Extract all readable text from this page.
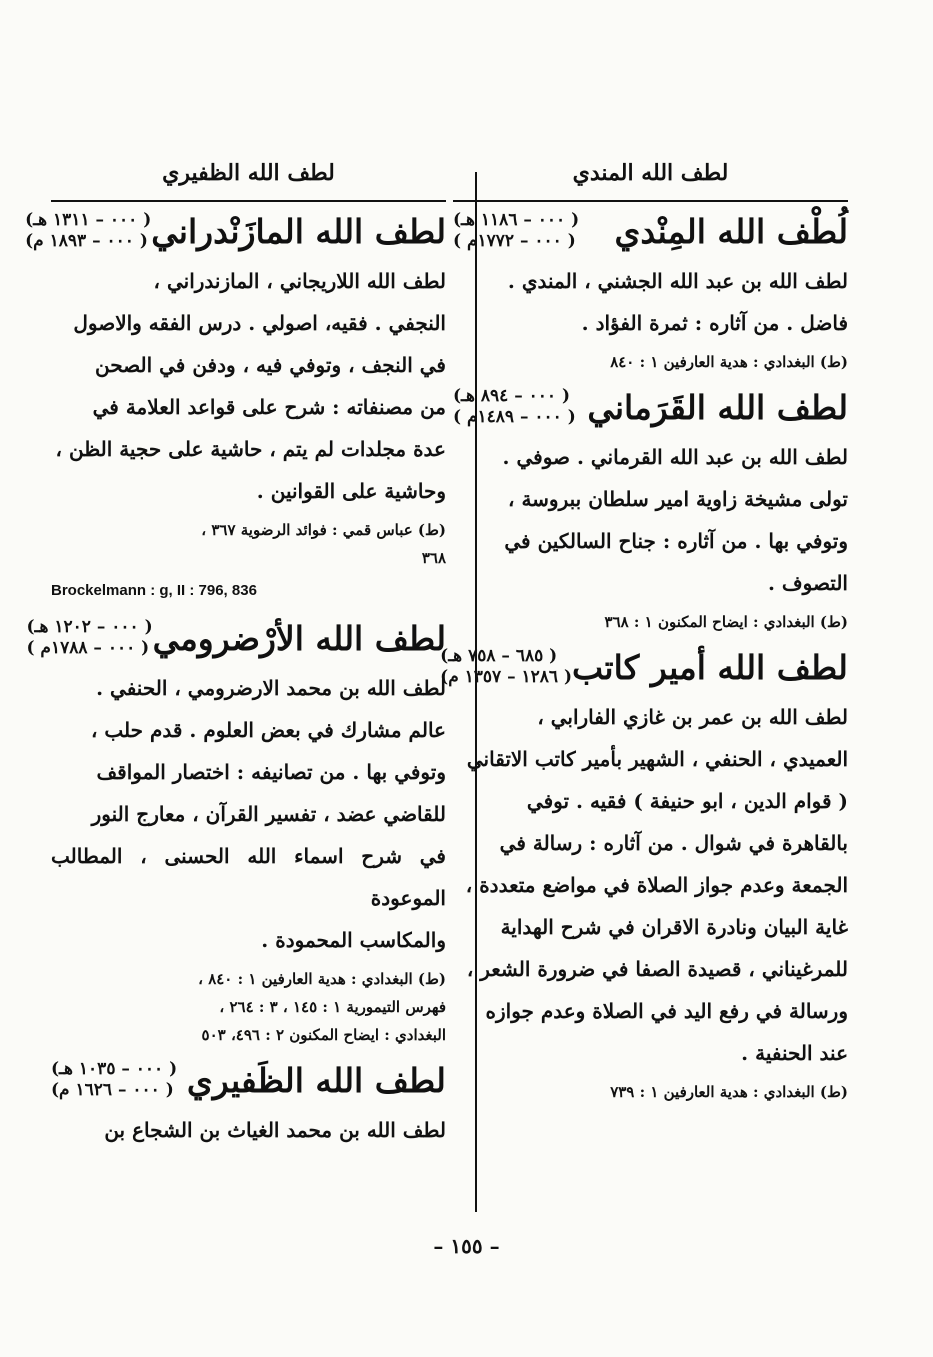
لطف الله المندي
لُطْف الله المِنْدي
( ٠٠٠ – ١١٨٦ هـ)
( ٠٠٠ – ١٧٧٢م )
لطف الله بن عبد الله الجشني ، المندي .
فاضل . من آثاره : ثمرة الفؤاد .
(ط) البغدادي : هدية العارفين ١ : ٨٤٠
لطف الله القَرَماني
( ٠٠٠ – ٨٩٤ هـ)
( ٠٠٠ – ١٤٨٩م )
لطف الله بن عبد الله القرماني . صوفي .
تولى مشيخة زاوية امير سلطان ببروسة ،
وتوفي بها . من آثاره : جناح السالكين في
التصوف .
(ط) البغدادي : ايضاح المكنون ١ : ٣٦٨
لطف الله أمير كاتب
( ٦٨٥ – ٧٥٨ هـ)
( ١٢٨٦ – ١٣٥٧ م)
لطف الله بن عمر بن غازي الفارابي ،
العميدي ، الحنفي ، الشهير بأمير كاتب الاتقاني
( قوام الدين ، ابو حنيفة ) فقيه . توفي
بالقاهرة في شوال . من آثاره : رسالة في
الجمعة وعدم جواز الصلاة في مواضع متعددة ،
غاية البيان ونادرة الاقران في شرح الهداية
للمرغيناني ، قصيدة الصفا في ضرورة الشعر ،
ورسالة في رفع اليد في الصلاة وعدم جوازه
عند الحنفية .
(ط) البغدادي : هدية العارفين ١ : ٧٣٩
لطف الله الظفيري
لطف الله المازَنْدراني
( ٠٠٠ – ١٣١١ هـ)
( ٠٠٠ – ١٨٩٣ م)
لطف الله اللاريجاني ، المازندراني ،
النجفي . فقيه، اصولي . درس الفقه والاصول
في النجف ، وتوفي فيه ، ودفن في الصحن
من مصنفاته : شرح على قواعد العلامة في
عدة مجلدات لم يتم ، حاشية على حجية الظن ،
وحاشية على القوانين .
(ط) عباس قمي : فوائد الرضوية ٣٦٧ ،
٣٦٨
Brockelmann : g, II : 796, 836
لطف الله الأرْضرومي
( ٠٠٠ – ١٢٠٢ هـ)
( ٠٠٠ – ١٧٨٨م )
لطف الله بن محمد الارضرومي ، الحنفي .
عالم مشارك في بعض العلوم . قدم حلب ،
وتوفي بها . من تصانيفه : اختصار المواقف
للقاضي عضد ، تفسير القرآن ، معارج النور
في شرح اسماء الله الحسنى ، المطالب الموعودة
والمكاسب المحمودة .
(ط) البغدادي : هدية العارفين ١ : ٨٤٠ ،
فهرس التيمورية ١ : ١٤٥ ، ٣ : ٢٦٤ ،
البغدادي : ايضاح المكنون ٢ : ٤٩٦، ٥٠٣
لطف الله الظَفيري
( ٠٠٠ – ١٠٣٥ هـ)
( ٠٠٠ – ١٦٢٦ م)
لطف الله بن محمد الغياث بن الشجاع بن
– ١٥٥ –
